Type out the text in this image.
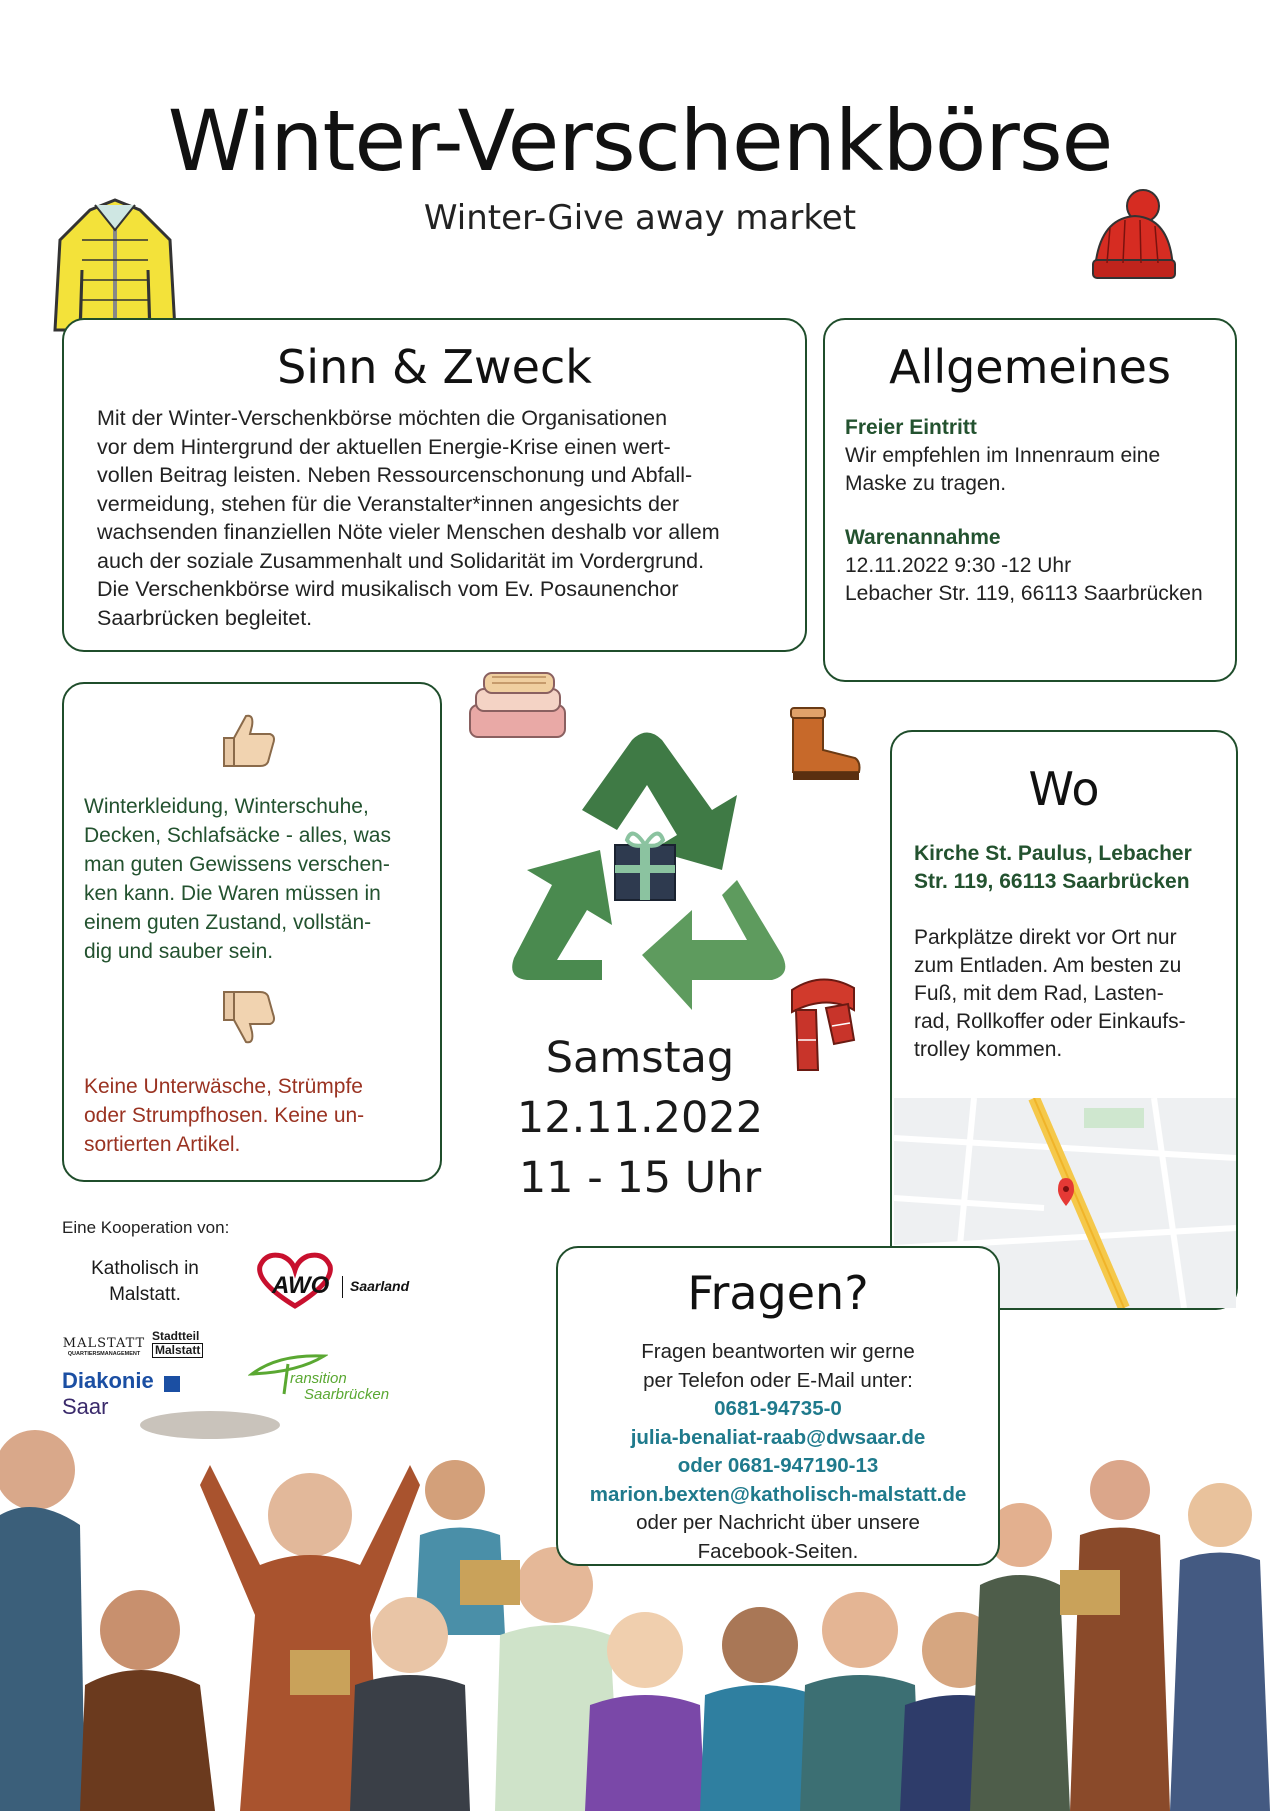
Winter-Verschenkbörse
Winter-Give away market
Sinn & Zweck
Mit der Winter-Verschenkbörse möchten die Organisationen
vor dem Hintergrund der aktuellen Energie-Krise einen wert-
vollen Beitrag leisten. Neben Ressourcenschonung und Abfall-
vermeidung, stehen für die Veranstalter*innen angesichts der
wachsenden finanziellen Nöte vieler Menschen deshalb vor allem
auch der soziale Zusammenhalt und Solidarität im Vordergrund.
Die Verschenkbörse wird musikalisch vom Ev. Posaunenchor
Saarbrücken begleitet.
Allgemeines
Freier Eintritt
Wir empfehlen im Innenraum eine
Maske zu tragen.
Warenannahme
12.11.2022 9:30 -12 Uhr
Lebacher Str. 119, 66113 Saarbrücken
Winterkleidung, Winterschuhe,
Decken, Schlafsäcke - alles, was
man guten Gewissens verschen-
ken kann. Die Waren müssen in
einem guten Zustand, vollstän-
dig und sauber sein.
Keine Unterwäsche, Strümpfe
oder Strumpfhosen. Keine un-
sortierten Artikel.
Samstag
12.11.2022
11 - 15 Uhr
Wo
Kirche St. Paulus, Lebacher
Str. 119, 66113 Saarbrücken
Parkplätze direkt vor Ort nur
zum Entladen. Am besten zu
Fuß, mit dem Rad, Lasten-
rad, Rollkoffer oder Einkaufs-
trolley kommen.
Eine Kooperation von:
Katholisch in
Malstatt.	AWO Saarland
MALSTATT
QUARTIERSMANAGEMENT
Stadtteil
Malstatt
Diakonie
Saar
ransition
Saarbrücken
Fragen?
Fragen beantworten wir gerne
per Telefon oder E-Mail unter:
0681-94735-0
julia-benaliat-raab@dwsaar.de
oder 0681-947190-13
marion.bexten@katholisch-malstatt.de
oder per Nachricht über unsere
Facebook-Seiten.
